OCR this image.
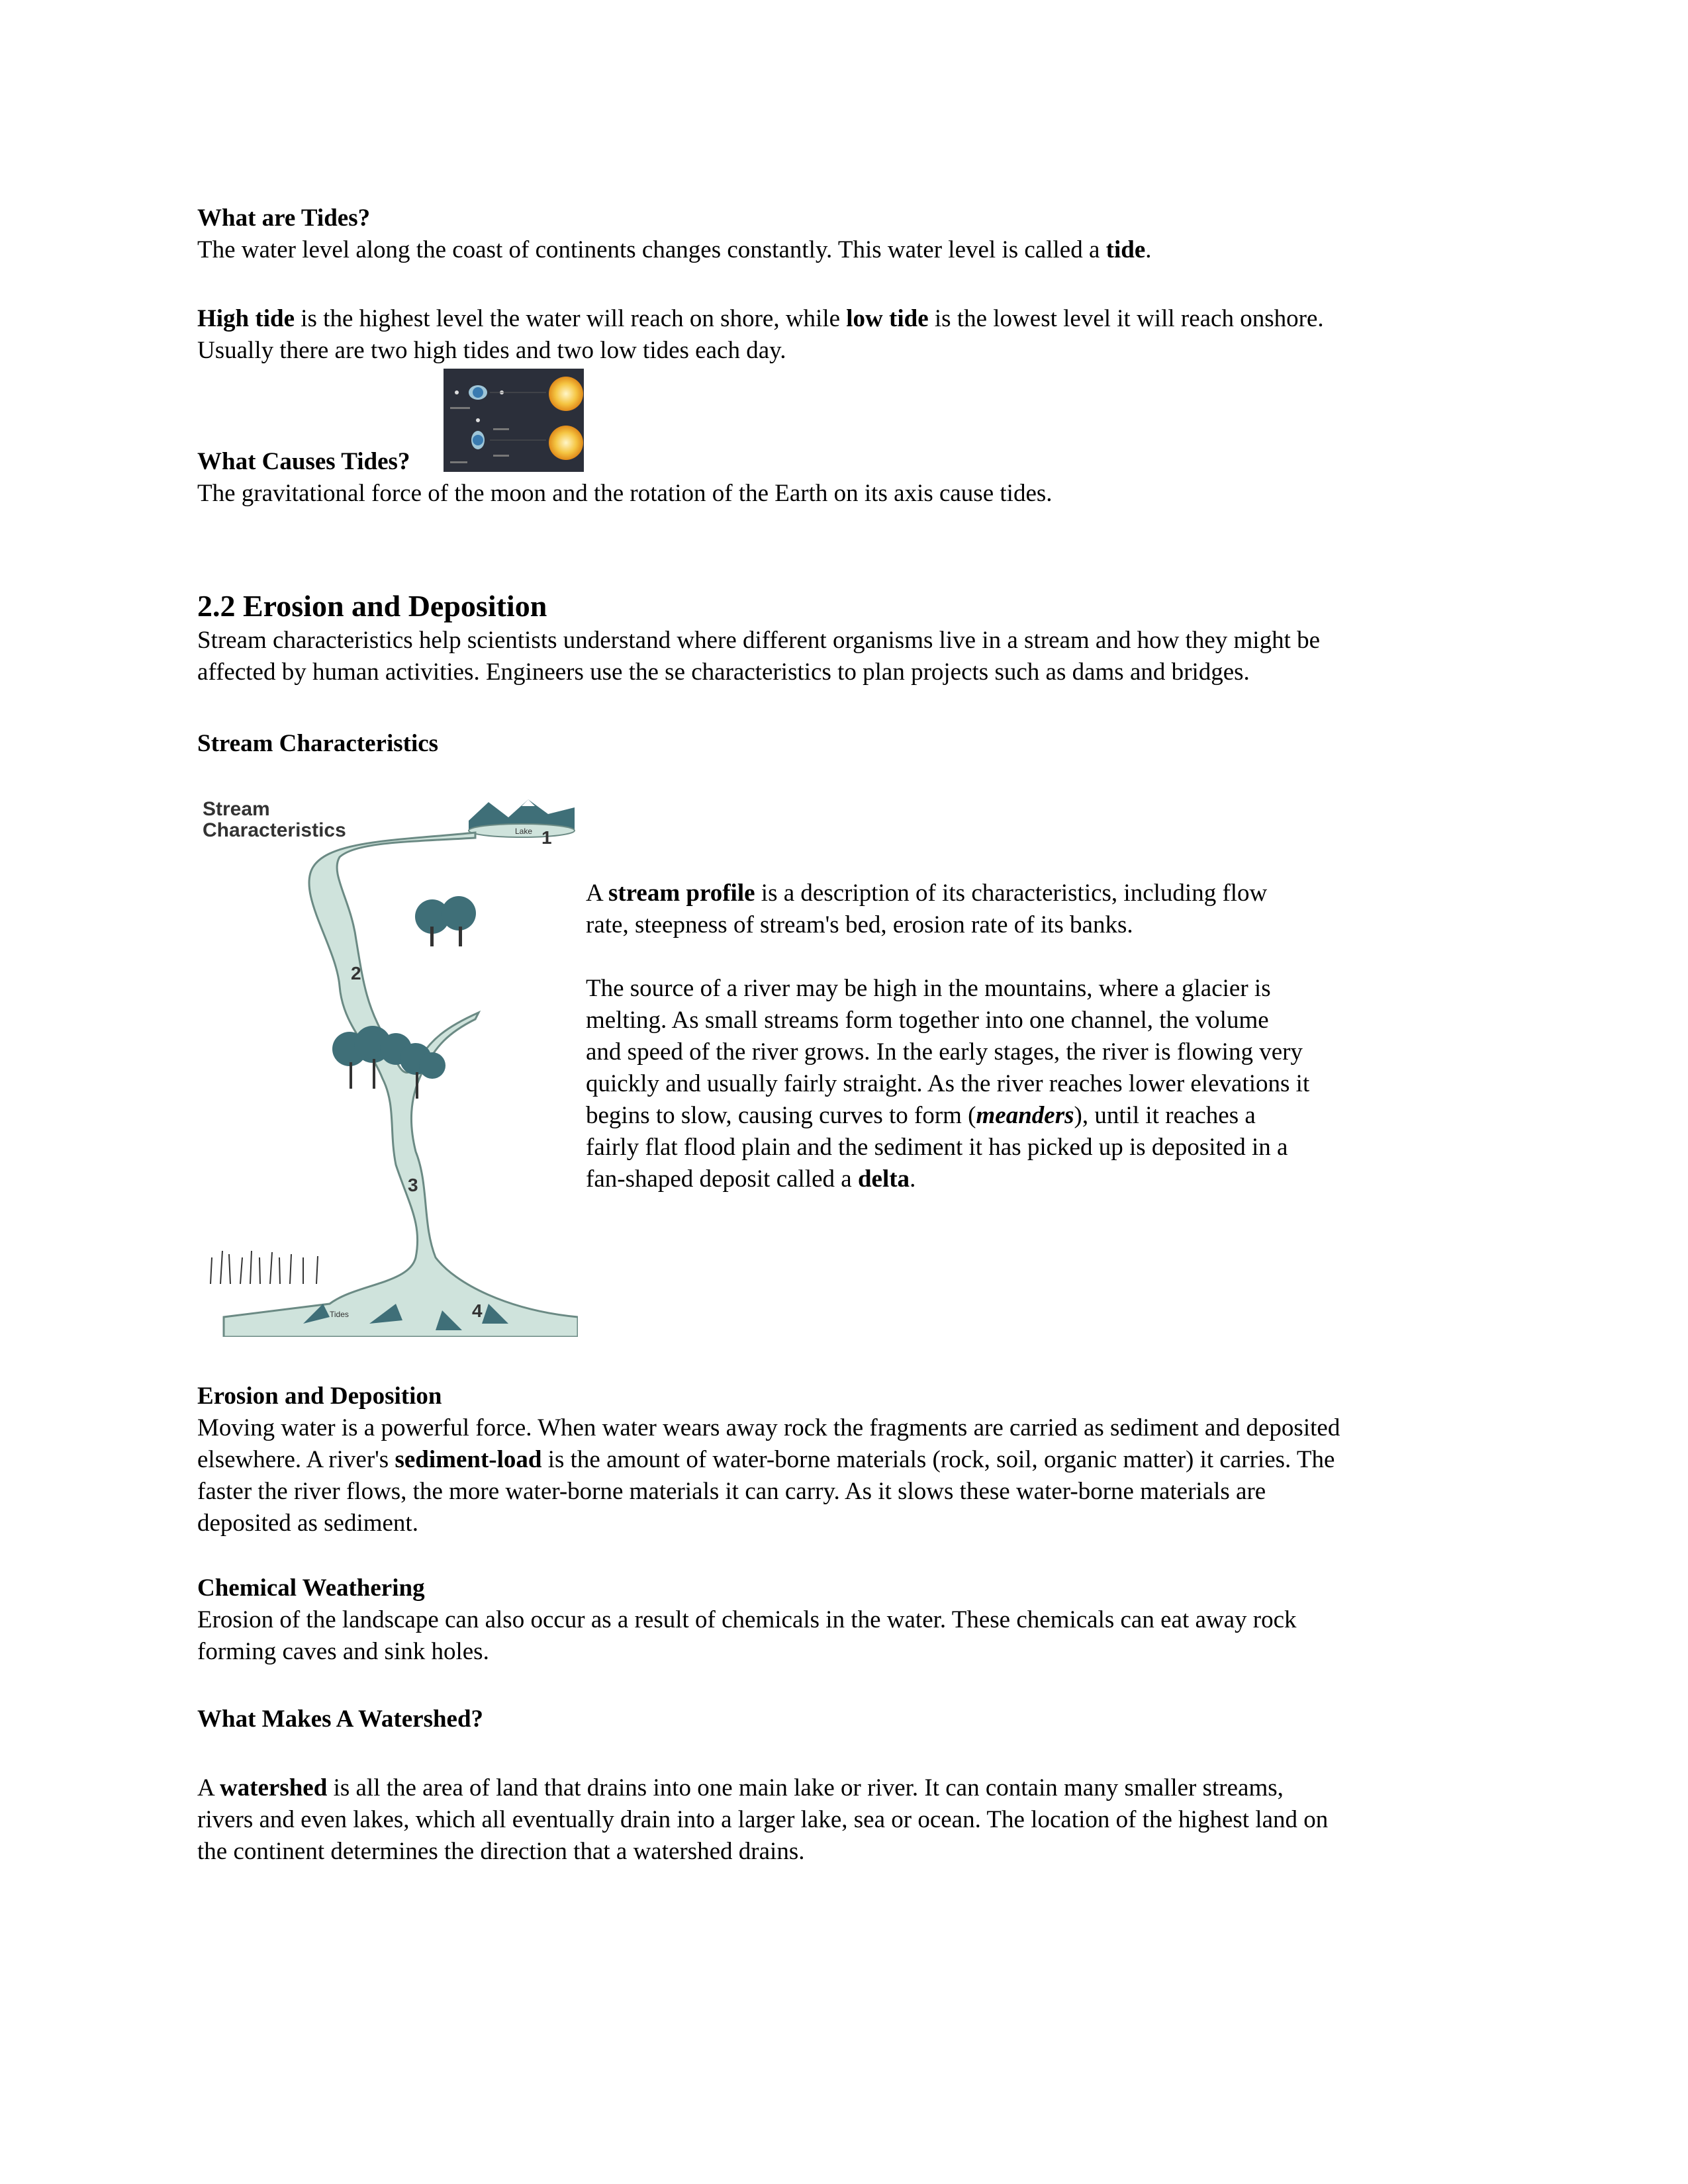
What are Tides?

The water level along the coast of continents changes constantly. This water level is called a tide.

High tide is the highest level the water will reach on shore, while low tide is the lowest level it will reach onshore.

Usually there are two high tides and two low tides each day.

What Causes Tides?

The gravitational force of the moon and the rotation of the Earth on its axis cause tides.

2.2 Erosion and Deposition

Stream characteristics help scientists understand where different organisms live in a stream and how they might be

affected by human activities. Engineers use the se characteristics to plan projects such as dams and bridges.

Stream Characteristics

Stream
Characteristics	Lake 1
2
3
4
Tides

A stream profile is a description of its characteristics, including flow

rate, steepness of stream's bed, erosion rate of its banks.

The source of a river may be high in the mountains, where a glacier is

melting. As small streams form together into one channel, the volume

and speed of the river grows. In the early stages, the river is flowing very

quickly and usually fairly straight. As the river reaches lower elevations it

begins to slow, causing curves to form (meanders), until it reaches a

fairly flat flood plain and the sediment it has picked up is deposited in a

fan-shaped deposit called a delta.

Erosion and Deposition

Moving water is a powerful force. When water wears away rock the fragments are carried as sediment and deposited

elsewhere. A river's sediment-load is the amount of water-borne materials (rock, soil, organic matter) it carries. The

faster the river flows, the more water-borne materials it can carry. As it slows these water-borne materials are

deposited as sediment.

Chemical Weathering

Erosion of the landscape can also occur as a result of chemicals in the water. These chemicals can eat away rock

forming caves and sink holes.

What Makes A Watershed?

A watershed is all the area of land that drains into one main lake or river. It can contain many smaller streams,

rivers and even lakes, which all eventually drain into a larger lake, sea or ocean. The location of the highest land on

the continent determines the direction that a watershed drains.
